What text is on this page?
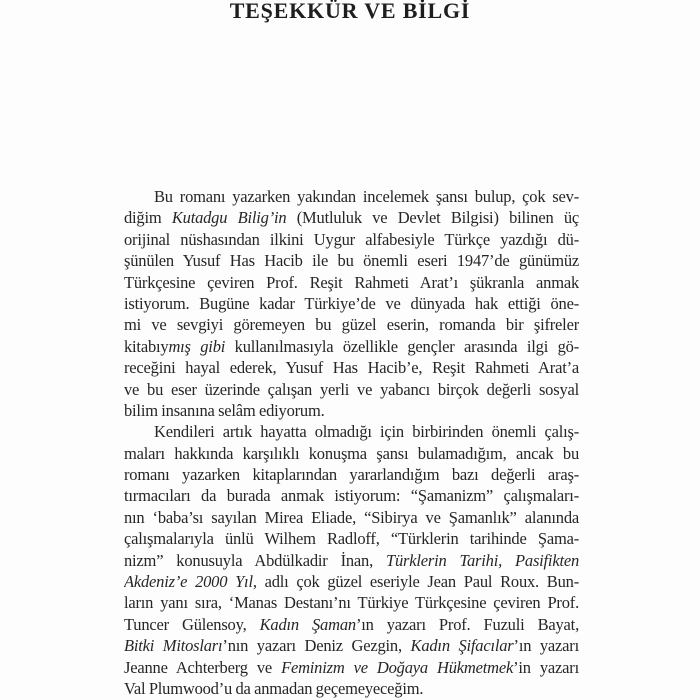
TEŞEKKÜR VE BİLGİ
Bu romanı yazarken yakından incelemek şansı bulup, çok sev-
diğim Kutadgu Bilig’in (Mutluluk ve Devlet Bilgisi) bilinen üç
orijinal nüshasından ilkini Uygur alfabesiyle Türkçe yazdığı dü-
şünülen Yusuf Has Hacib ile bu önemli eseri 1947’de günümüz
Türkçesine çeviren Prof. Reşit Rahmeti Arat’ı şükranla anmak
istiyorum. Bugüne kadar Türkiye’de ve dünyada hak ettiği öne-
mi ve sevgiyi göremeyen bu güzel eserin, romanda bir şifreler
kitabıymış gibi kullanılmasıyla özellikle gençler arasında ilgi gö-
receğini hayal ederek, Yusuf Has Hacib’e, Reşit Rahmeti Arat’a
ve bu eser üzerinde çalışan yerli ve yabancı birçok değerli sosyal
bilim insanına selâm ediyorum.
Kendileri artık hayatta olmadığı için birbirinden önemli çalış-
maları hakkında karşılıklı konuşma şansı bulamadığım, ancak bu
romanı yazarken kitaplarından yararlandığım bazı değerli araş-
tırmacıları da burada anmak istiyorum: “Şamanizm” çalışmaları-
nın ‘baba’sı sayılan Mirea Eliade, “Sibirya ve Şamanlık” alanında
çalışmalarıyla ünlü Wilhem Radloff, “Türklerin tarihinde Şama-
nizm” konusuyla Abdülkadir İnan, Türklerin Tarihi, Pasifikten
Akdeniz’e 2000 Yıl, adlı çok güzel eseriyle Jean Paul Roux. Bun-
ların yanı sıra, ‘Manas Destanı’nı Türkiye Türkçesine çeviren Prof.
Tuncer Gülensoy, Kadın Şaman’ın yazarı Prof. Fuzuli Bayat,
Bitki Mitosları’nın yazarı Deniz Gezgin, Kadın Şifacılar’ın yazarı
Jeanne Achterberg ve Feminizm ve Doğaya Hükmetmek’in yazarı
Val Plumwood’u da anmadan geçemeyeceğim.
